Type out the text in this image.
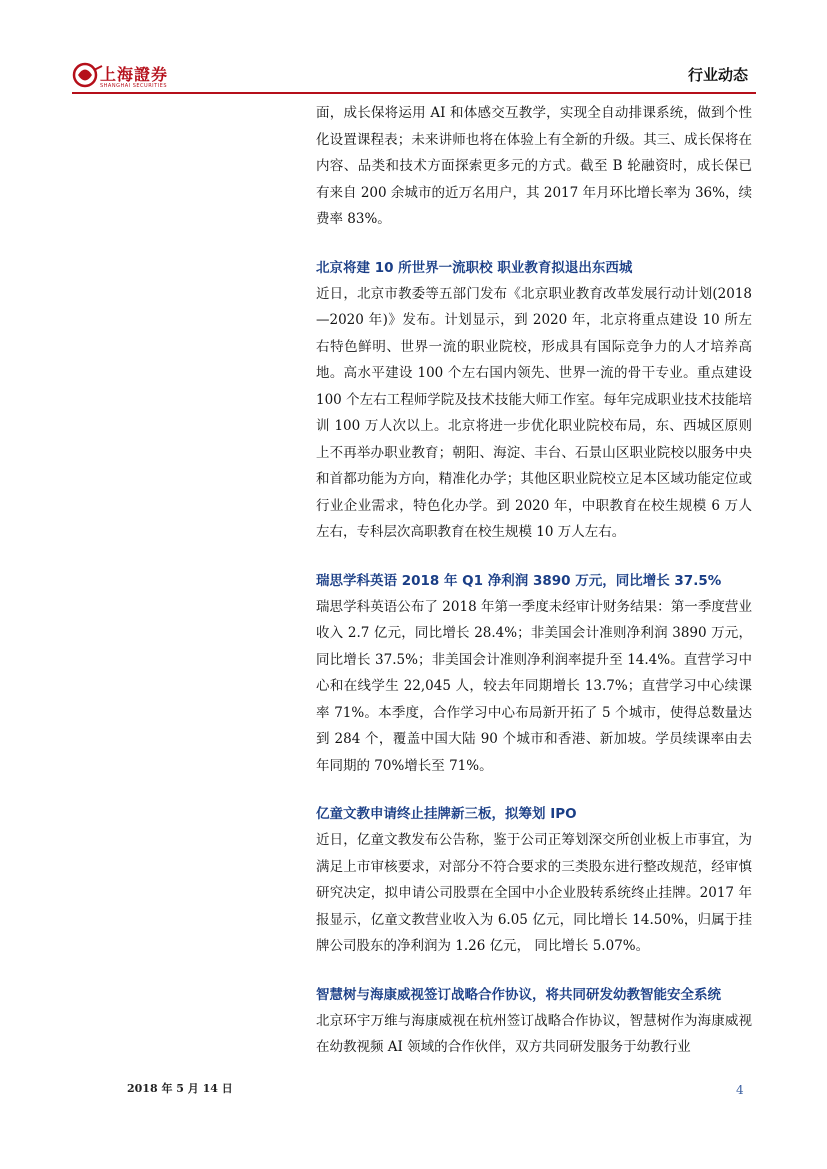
上海證券
SHANGHAI SECURITIES
行业动态

面，成长保将运用 AI 和体感交互教学，实现全自动排课系统，做到个性化设置课程表；未来讲师也将在体验上有全新的升级。其三、成长保将在内容、品类和技术方面探索更多元的方式。截至 B 轮融资时，成长保已有来自 200 余城市的近万名用户，其 2017 年月环比增长率为 36%，续费率 83%。

北京将建 10 所世界一流职校 职业教育拟退出东西城

近日，北京市教委等五部门发布《北京职业教育改革发展行动计划(2018—2020 年)》发布。计划显示，到 2020 年，北京将重点建设 10 所左右特色鲜明、世界一流的职业院校，形成具有国际竞争力的人才培养高地。高水平建设 100 个左右国内领先、世界一流的骨干专业。重点建设 100 个左右工程师学院及技术技能大师工作室。每年完成职业技术技能培训 100 万人次以上。北京将进一步优化职业院校布局，东、西城区原则上不再举办职业教育；朝阳、海淀、丰台、石景山区职业院校以服务中央和首都功能为方向，精准化办学；其他区职业院校立足本区域功能定位或行业企业需求，特色化办学。到 2020 年，中职教育在校生规模 6 万人左右，专科层次高职教育在校生规模 10 万人左右。

瑞思学科英语 2018 年 Q1 净利润 3890 万元，同比增长 37.5%

瑞思学科英语公布了 2018 年第一季度未经审计财务结果：第一季度营业收入 2.7 亿元，同比增长 28.4%；非美国会计准则净利润 3890 万元，同比增长 37.5%；非美国会计准则净利润率提升至 14.4%。直营学习中心和在线学生 22,045 人，较去年同期增长 13.7%；直营学习中心续课率 71%。本季度，合作学习中心布局新开拓了 5 个城市，使得总数量达到 284 个，覆盖中国大陆 90 个城市和香港、新加坡。学员续课率由去年同期的 70%增长至 71%。

亿童文教申请终止挂牌新三板，拟筹划 IPO

近日，亿童文教发布公告称，鉴于公司正筹划深交所创业板上市事宜，为满足上市审核要求，对部分不符合要求的三类股东进行整改规范，经审慎研究决定，拟申请公司股票在全国中小企业股转系统终止挂牌。2017 年报显示，亿童文教营业收入为 6.05 亿元，同比增长 14.50%，归属于挂牌公司股东的净利润为 1.26 亿元， 同比增长 5.07%。

智慧树与海康威视签订战略合作协议，将共同研发幼教智能安全系统

北京环宇万维与海康威视在杭州签订战略合作协议，智慧树作为海康威视在幼教视频 AI 领域的合作伙伴，双方共同研发服务于幼教行业

2018 年 5 月 14 日	4
